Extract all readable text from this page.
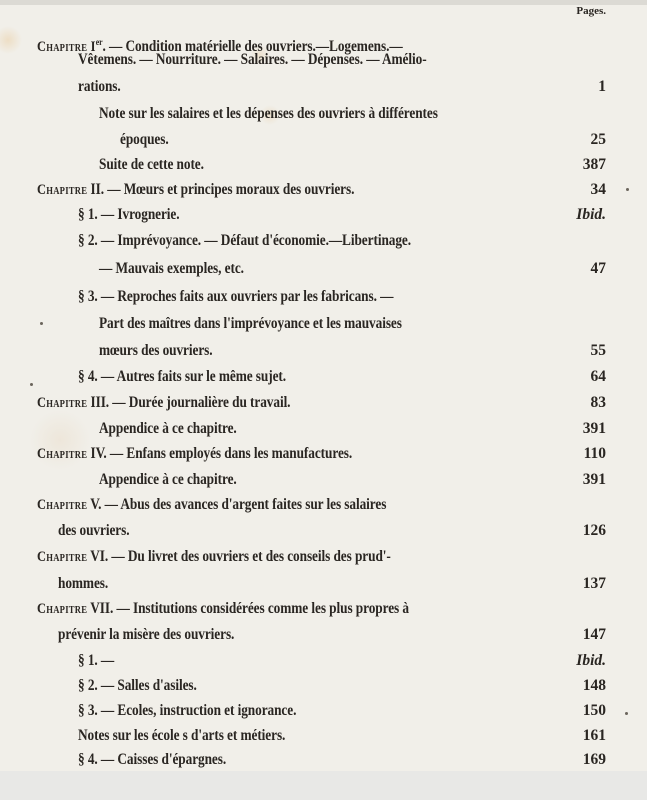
Pages.
Chapitre Ier. — Condition matérielle des ouvriers.—Logemens.—
Vêtemens. — Nourriture. — Salaires. — Dépenses. — Amélio-
rations.	1
Note sur les salaires et les dépenses des ouvriers à différentes
époques.	25
Suite de cette note.	387
Chapitre II. — Mœurs et principes moraux des ouvriers.	34
§ 1. — Ivrognerie.	Ibid.
§ 2. — Imprévoyance. — Défaut d'économie.—Libertinage.
— Mauvais exemples, etc.	47
§ 3. — Reproches faits aux ouvriers par les fabricans. —
Part des maîtres dans l'imprévoyance et les mauvaises
mœurs des ouvriers.	55
§ 4. — Autres faits sur le même sujet.	64
Chapitre III. — Durée journalière du travail.	83
Appendice à ce chapitre.	391
Chapitre IV. — Enfans employés dans les manufactures.	110
Appendice à ce chapitre.	391
Chapitre V. — Abus des avances d'argent faites sur les salaires
des ouvriers.	126
Chapitre VI. — Du livret des ouvriers et des conseils des prud'-
hommes.	137
Chapitre VII. — Institutions considérées comme les plus propres à
prévenir la misère des ouvriers.	147
§ 1. —	Ibid.
§ 2. — Salles d'asiles.	148
§ 3. — Ecoles, instruction et ignorance.	150
Notes sur les école s d'arts et métiers.	161
§ 4. — Caisses d'épargnes.	169
